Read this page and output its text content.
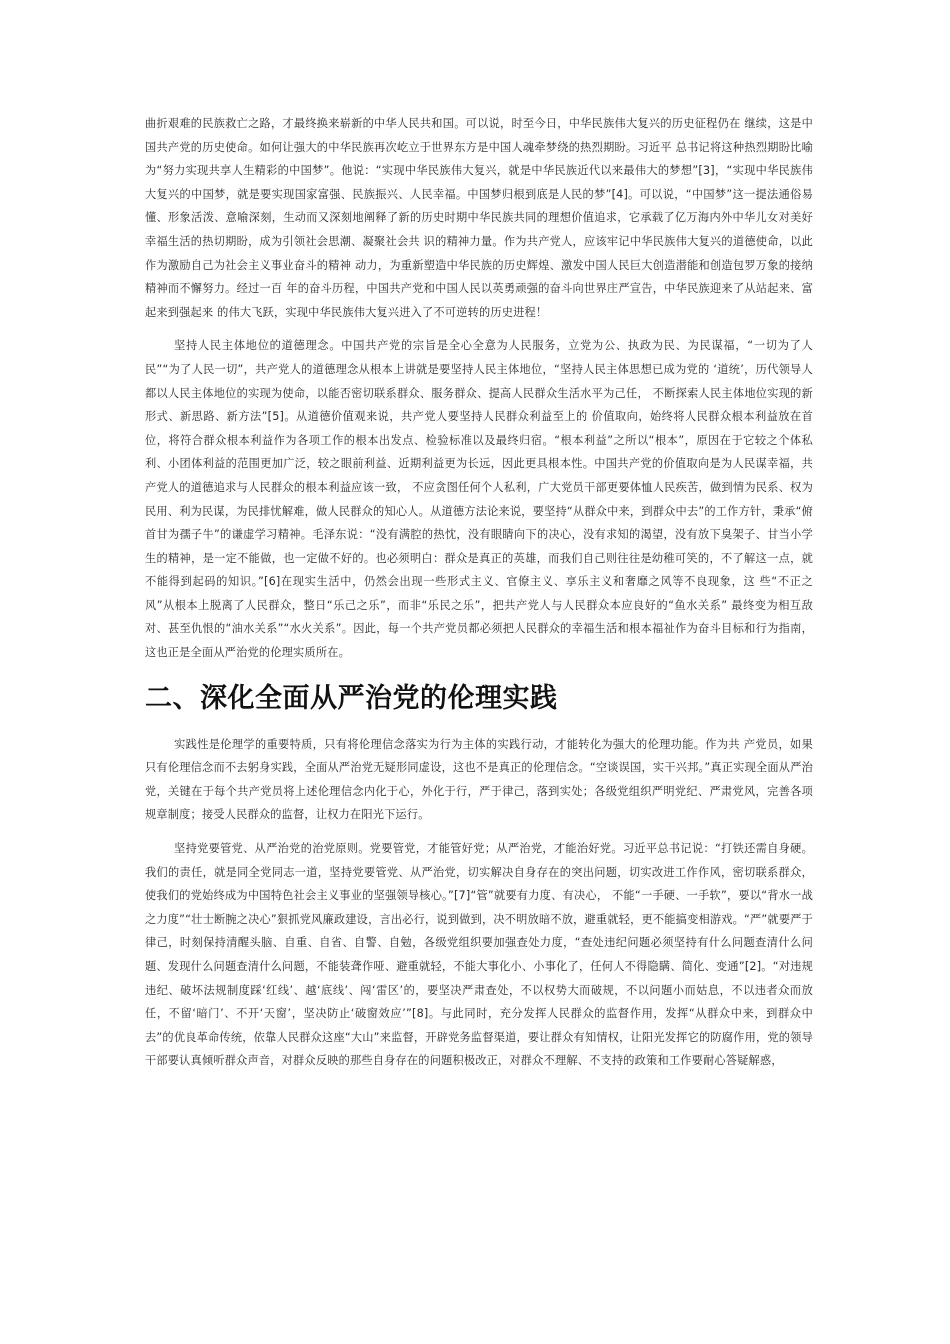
曲折艰难的民族救亡之路，才最终换来崭新的中华人民共和国。可以说，时至今日，中华民族伟大复兴的历史征程仍在 继续，这是中国共产党的历史使命。如何让强大的中华民族再次屹立于世界东方是中国人魂牵梦绕的热烈期盼。习近平 总书记将这种热烈期盼比喻为“努力实现共享人生精彩的中国梦”。他说：“实现中华民族伟大复兴，就是中华民族近代以来最伟大的梦想”[3]，“实现中华民族伟大复兴的中国梦，就是要实现国家富强、民族振兴、人民幸福。中国梦归根到底是人民的梦”[4]。可以说，“中国梦”这一提法通俗易懂、形象活泼、意喻深刻，生动而又深刻地阐释了新的历史时期中华民族共同的理想价值追求，它承载了亿万海内外中华儿女对美好幸福生活的热切期盼，成为引领社会思潮、凝聚社会共 识的精神力量。作为共产党人，应该牢记中华民族伟大复兴的道德使命，以此作为激励自己为社会主义事业奋斗的精神 动力，为重新塑造中华民族的历史辉煌、激发中国人民巨大创造潜能和创造包罗万象的接纳精神而不懈努力。经过一百 年的奋斗历程，中国共产党和中国人民以英勇顽强的奋斗向世界庄严宣告，中华民族迎来了从站起来、富起来到强起来 的伟大飞跃，实现中华民族伟大复兴进入了不可逆转的历史进程！

坚持人民主体地位的道德理念。中国共产党的宗旨是全心全意为人民服务，立党为公、执政为民、为民谋福，“一切为了人民”“为了人民一切”，共产党人的道德理念从根本上讲就是要坚持人民主体地位，“坚持人民主体思想已成为党的 ‘道统’，历代领导人都以人民主体地位的实现为使命，以能否密切联系群众、服务群众、提高人民群众生活水平为己任， 不断探索人民主体地位实现的新形式、新思路、新方法”[5]。从道德价值观来说，共产党人要坚持人民群众利益至上的 价值取向，始终将人民群众根本利益放在首位，将符合群众根本利益作为各项工作的根本出发点、检验标准以及最终归宿。“根本利益”之所以“根本”，原因在于它较之个体私利、小团体利益的范围更加广泛，较之眼前利益、近期利益更为长远，因此更具根本性。中国共产党的价值取向是为人民谋幸福，共产党人的道德追求与人民群众的根本利益应该一致， 不应贪图任何个人私利，广大党员干部更要体恤人民疾苦，做到情为民系、权为民用、利为民谋，为民排忧解难，做人民群众的知心人。从道德方法论来说，要坚持“从群众中来，到群众中去”的工作方针，秉承“俯首甘为孺子牛”的谦虚学习精神。毛泽东说：“没有满腔的热忱，没有眼睛向下的决心，没有求知的渴望，没有放下臭架子、甘当小学生的精神，是一定不能做，也一定做不好的。也必须明白：群众是真正的英雄，而我们自己则往往是幼稚可笑的，不了解这一点，就不能得到起码的知识。”[6]在现实生活中，仍然会出现一些形式主义、官僚主义、享乐主义和奢靡之风等不良现象，这 些“不正之风”从根本上脱离了人民群众，整日“乐己之乐”，而非“乐民之乐”，把共产党人与人民群众本应良好的“鱼水关系” 最终变为相互敌对、甚至仇恨的“油水关系”“水火关系”。因此，每一个共产党员都必须把人民群众的幸福生活和根本福祉作为奋斗目标和行为指南，这也正是全面从严治党的伦理实质所在。

二、深化全面从严治党的伦理实践

实践性是伦理学的重要特质，只有将伦理信念落实为行为主体的实践行动，才能转化为强大的伦理功能。作为共 产党员，如果只有伦理信念而不去躬身实践，全面从严治党无疑形同虚设，这也不是真正的伦理信念。“空谈误国，实干兴邦。”真正实现全面从严治党，关键在于每个共产党员将上述伦理信念内化于心，外化于行，严于律己，落到实处；各级党组织严明党纪、严肃党风，完善各项规章制度；接受人民群众的监督，让权力在阳光下运行。

坚持党要管党、从严治党的治党原则。党要管党，才能管好党；从严治党，才能治好党。习近平总书记说：“打铁还需自身硬。我们的责任，就是同全党同志一道，坚持党要管党、从严治党，切实解决自身存在的突出问题，切实改进工作作风，密切联系群众，使我们的党始终成为中国特色社会主义事业的坚强领导核心。”[7]“管”就要有力度、有决心， 不能“一手硬、一手软”，要以“背水一战之力度”“壮士断腕之决心”狠抓党风廉政建设，言出必行，说到做到，决不明放暗不放，避重就轻，更不能搞变相游戏。“严”就要严于律己，时刻保持清醒头脑、自重、自省、自警、自勉，各级党组织要加强查处力度，“查处违纪问题必须坚持有什么问题查清什么问题、发现什么问题查清什么问题，不能装聋作哑、避重就轻，不能大事化小、小事化了，任何人不得隐瞒、简化、变通”[2]。“对违规违纪、破坏法规制度踩‘红线’、越‘底线’、闯‘雷区’的，要坚决严肃查处，不以权势大而破规，不以问题小而姑息，不以违者众而放任，不留‘暗门’、不开‘天窗’，坚决防止‘破窗效应’”[8]。与此同时，充分发挥人民群众的监督作用，发挥“从群众中来，到群众中去”的优良革命传统，依靠人民群众这座“大山”来监督，开辟党务监督渠道，要让群众有知情权，让阳光发挥它的防腐作用，党的领导干部要认真倾听群众声音，对群众反映的那些自身存在的问题积极改正，对群众不理解、不支持的政策和工作要耐心答疑解惑，
